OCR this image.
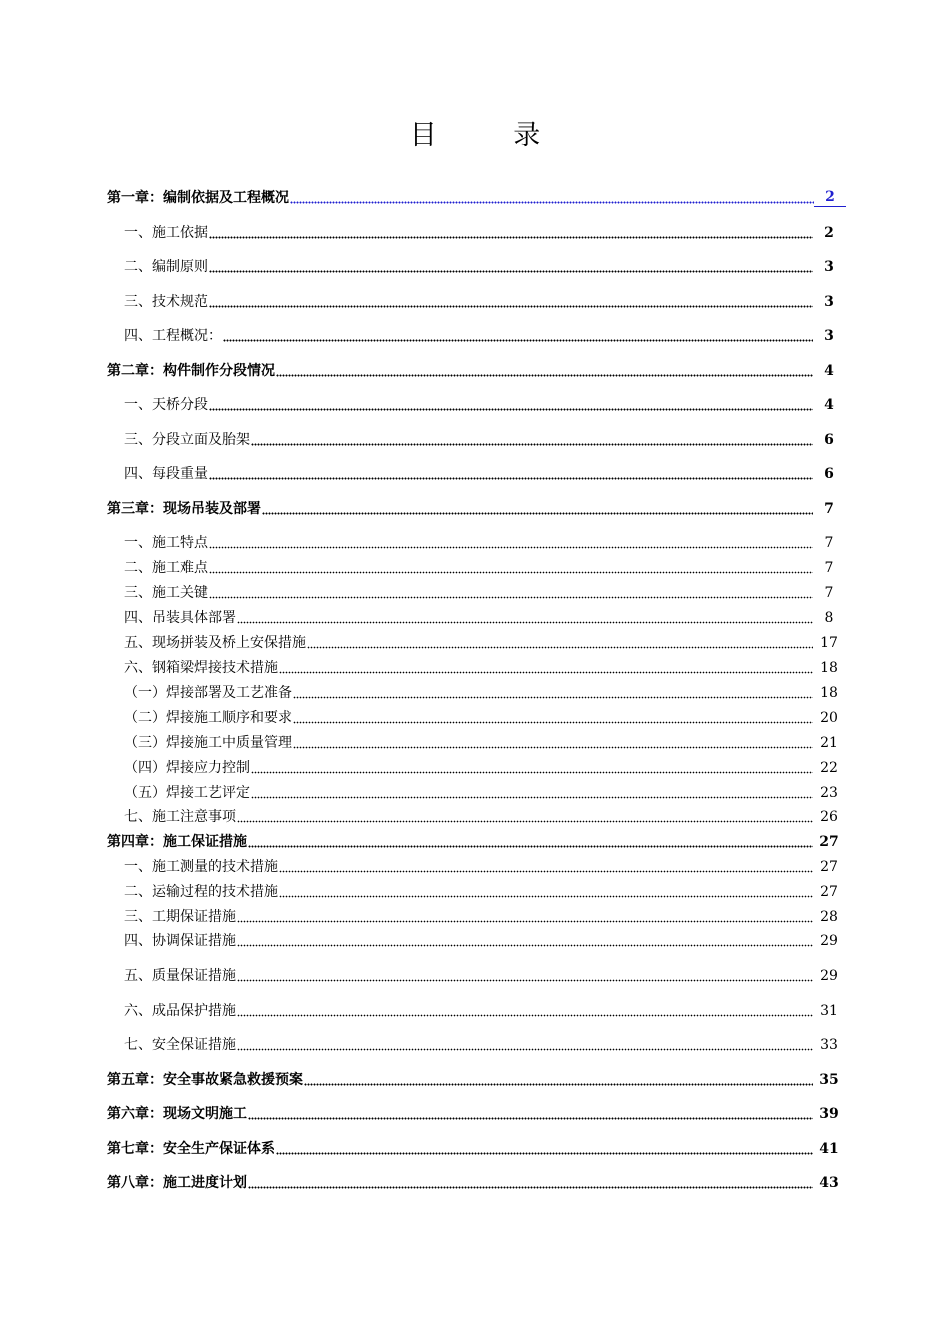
目 录
第一章：编制依据及工程概况	2
一、施工依据	2
二、编制原则	3
三、技术规范	3
四、工程概况：	3
第二章：构件制作分段情况	4
一、天桥分段	4
三、分段立面及胎架	6
四、每段重量	6
第三章：现场吊装及部署	7
一、施工特点	7
二、施工难点	7
三、施工关键	7
四、吊装具体部署	8
五、现场拼装及桥上安保措施	17
六、钢箱梁焊接技术措施	18
（一）焊接部署及工艺准备	18
（二）焊接施工顺序和要求	20
（三）焊接施工中质量管理	21
（四）焊接应力控制	22
（五）焊接工艺评定	23
七、施工注意事项	26
第四章：施工保证措施	27
一、施工测量的技术措施	27
二、运输过程的技术措施	27
三、工期保证措施	28
四、协调保证措施	29
五、质量保证措施	29
六、成品保护措施	31
七、安全保证措施	33
第五章：安全事故紧急救援预案	35
第六章：现场文明施工	39
第七章：安全生产保证体系	41
第八章：施工进度计划	43
